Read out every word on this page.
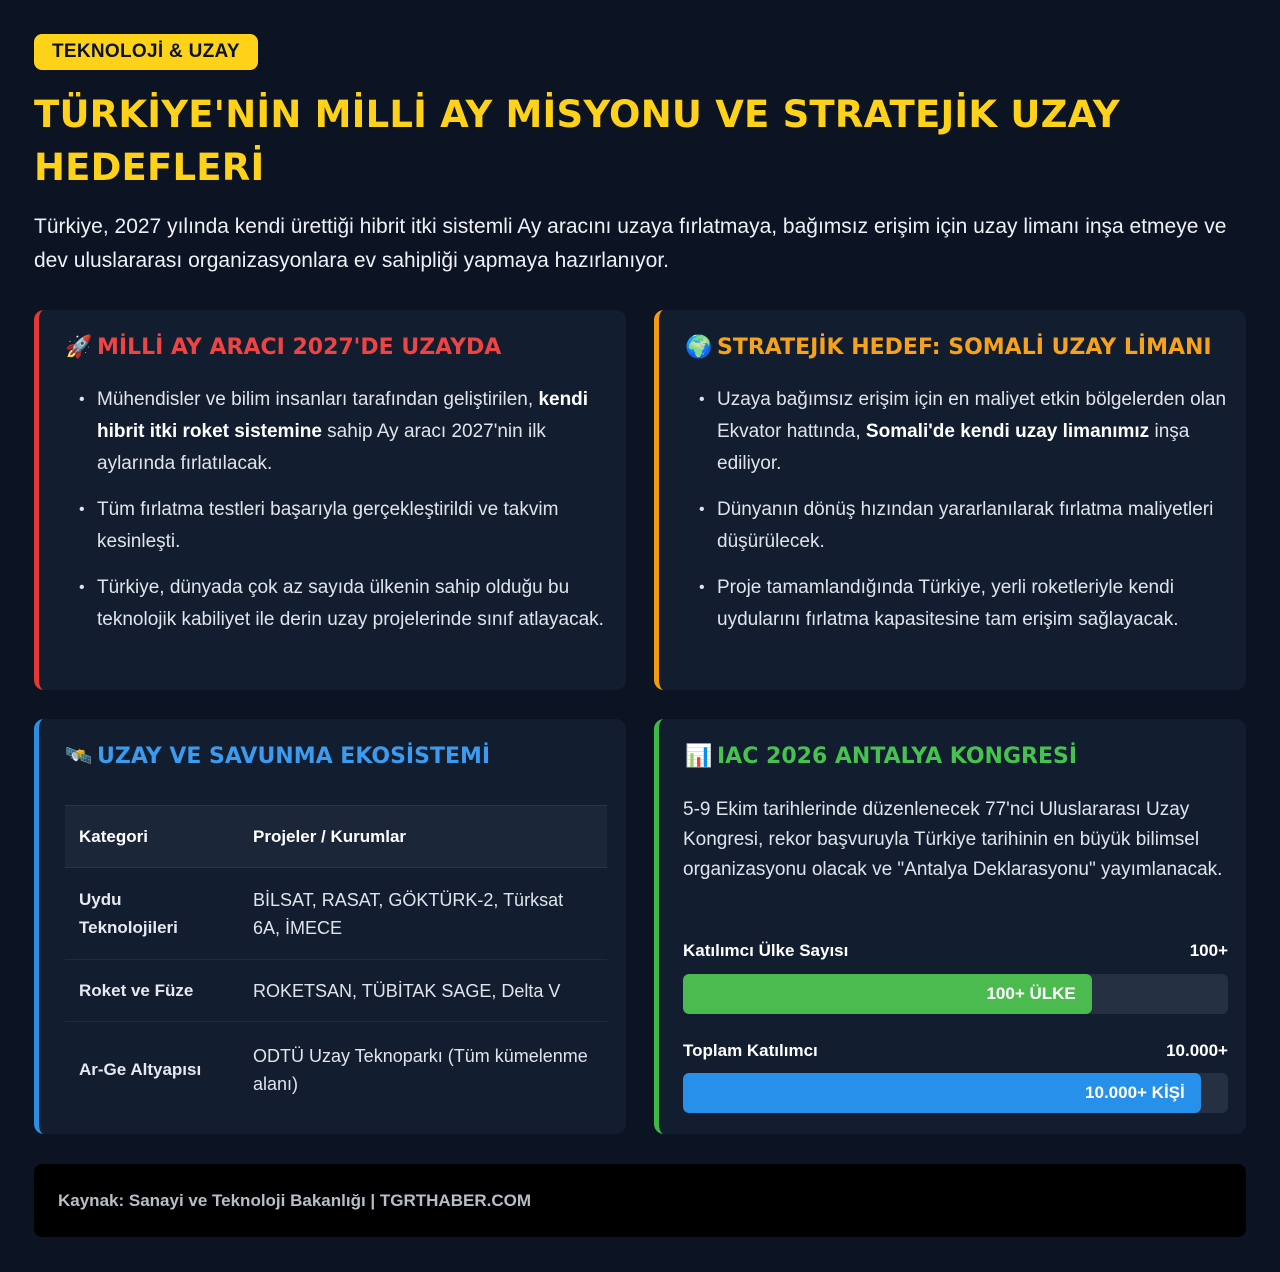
TEKNOLOJİ & UZAY
TÜRKİYE'NİN MİLLİ AY MİSYONU VE STRATEJİK UZAY HEDEFLERİ

Türkiye, 2027 yılında kendi ürettiği hibrit itki sistemli Ay aracını uzaya fırlatmaya, bağımsız erişim için uzay limanı inşa etmeye ve dev uluslararası organizasyonlara ev sahipliği yapmaya hazırlanıyor.

🚀 MİLLİ AY ARACI 2027'DE UZAYDA
• Mühendisler ve bilim insanları tarafından geliştirilen, kendi hibrit itki roket sistemine sahip Ay aracı 2027'nin ilk aylarında fırlatılacak.
• Tüm fırlatma testleri başarıyla gerçekleştirildi ve takvim kesinleşti.
• Türkiye, dünyada çok az sayıda ülkenin sahip olduğu bu teknolojik kabiliyet ile derin uzay projelerinde sınıf atlayacak.
🌍 STRATEJİK HEDEF: SOMALİ UZAY LİMANI
• Uzaya bağımsız erişim için en maliyet etkin bölgelerden olan Ekvator hattında, Somali'de kendi uzay limanımız inşa ediliyor.
• Dünyanın dönüş hızından yararlanılarak fırlatma maliyetleri düşürülecek.
• Proje tamamlandığında Türkiye, yerli roketleriyle kendi uydularını fırlatma kapasitesine tam erişim sağlayacak.
🛰️ UZAY VE SAVUNMA EKOSİSTEMİ
Kategori	Projeler / Kurumlar
Uydu Teknolojileri	BİLSAT, RASAT, GÖKTÜRK-2, Türksat 6A, İMECE
Roket ve Füze	ROKETSAN, TÜBİTAK SAGE, Delta V
Ar-Ge Altyapısı	ODTÜ Uzay Teknoparkı (Tüm kümelenme alanı)
📊 IAC 2026 ANTALYA KONGRESİ

5-9 Ekim tarihlerinde düzenlenecek 77'nci Uluslararası Uzay Kongresi, rekor başvuruyla Türkiye tarihinin en büyük bilimsel organizasyonu olacak ve "Antalya Deklarasyonu" yayımlanacak.

Katılımcı Ülke Sayısı	100+
100+ ÜLKE
Toplam Katılımcı	10.000+
10.000+ KİŞİ
Kaynak: Sanayi ve Teknoloji Bakanlığı | TGRTHABER.COM
